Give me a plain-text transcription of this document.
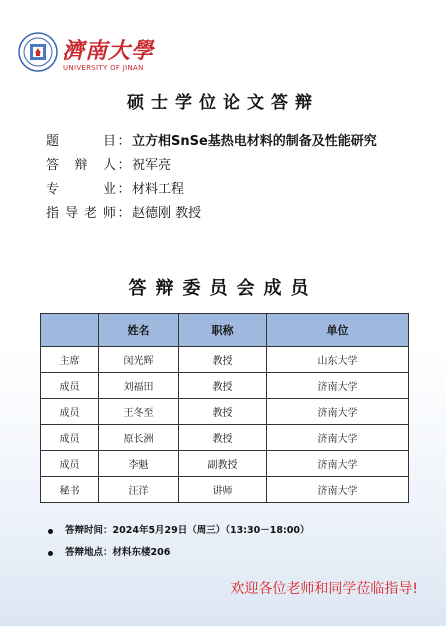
濟南大學
UNIVERSITY OF JINAN
硕士学位论文答辩
题	目 ： 立方相SnSe基热电材料的制备及性能研究
答 辩 人 ： 祝军亮
专	业 ： 材料工程
指 导 老 师 ： 赵德刚 教授
答辩委员会成员
	姓名	职称	单位
主席	闵光辉	教授	山东大学
成员	刘福田	教授	济南大学
成员	王冬至	教授	济南大学
成员	原长洲	教授	济南大学
成员	李魁	副教授	济南大学
秘书	汪洋	讲师	济南大学
答辩时间：2024年5月29日（周三）（13:30－18:00）
答辩地点：材料东楼206
欢迎各位老师和同学莅临指导!
